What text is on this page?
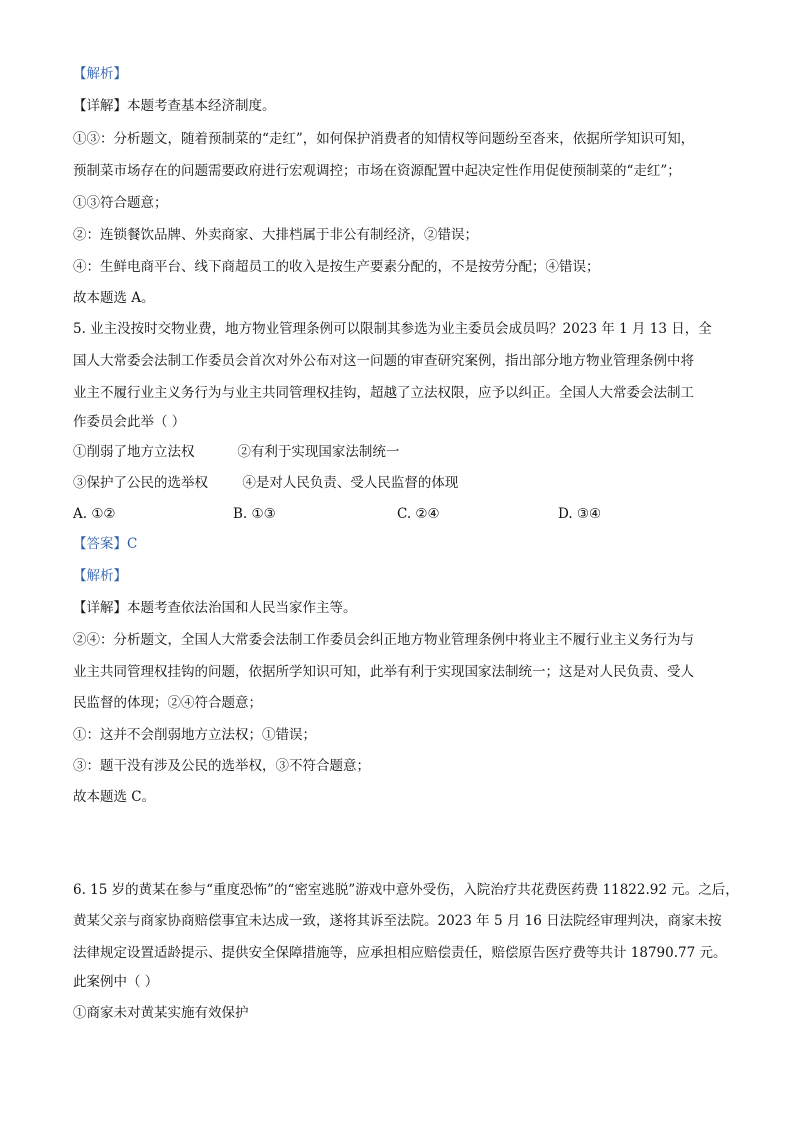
【解析】
【详解】本题考查基本经济制度。
①③：分析题文，随着预制菜的“走红”，如何保护消费者的知情权等问题纷至沓来，依据所学知识可知，
预制菜市场存在的问题需要政府进行宏观调控；市场在资源配置中起决定性作用促使预制菜的“走红”；
①③符合题意；
②：连锁餐饮品牌、外卖商家、大排档属于非公有制经济，②错误；
④：生鲜电商平台、线下商超员工的收入是按生产要素分配的，不是按劳分配；④错误；
故本题选 A。
5. 业主没按时交物业费，地方物业管理条例可以限制其参选为业主委员会成员吗？2023 年 1 月 13 日，全
国人大常委会法制工作委员会首次对外公布对这一问题的审查研究案例，指出部分地方物业管理条例中将
业主不履行业主义务行为与业主共同管理权挂钩，超越了立法权限，应予以纠正。全国人大常委会法制工
作委员会此举（ ）
①削弱了地方立法权          ②有利于实现国家法制统一
③保护了公民的选举权        ④是对人民负责、受人民监督的体现
A. ①②	B. ①③	C. ②④	D. ③④
【答案】C
【解析】
【详解】本题考查依法治国和人民当家作主等。
②④：分析题文，全国人大常委会法制工作委员会纠正地方物业管理条例中将业主不履行业主义务行为与
业主共同管理权挂钩的问题，依据所学知识可知，此举有利于实现国家法制统一；这是对人民负责、受人
民监督的体现；②④符合题意；
①：这并不会削弱地方立法权；①错误；
③：题干没有涉及公民的选举权，③不符合题意；
故本题选 C。
6. 15 岁的黄某在参与“重度恐怖”的“密室逃脱”游戏中意外受伤，入院治疗共花费医药费 11822.92 元。之后，
黄某父亲与商家协商赔偿事宜未达成一致，遂将其诉至法院。2023 年 5 月 16 日法院经审理判决，商家未按
法律规定设置适龄提示、提供安全保障措施等，应承担相应赔偿责任，赔偿原告医疗费等共计 18790.77 元。
此案例中（ ）
①商家未对黄某实施有效保护
